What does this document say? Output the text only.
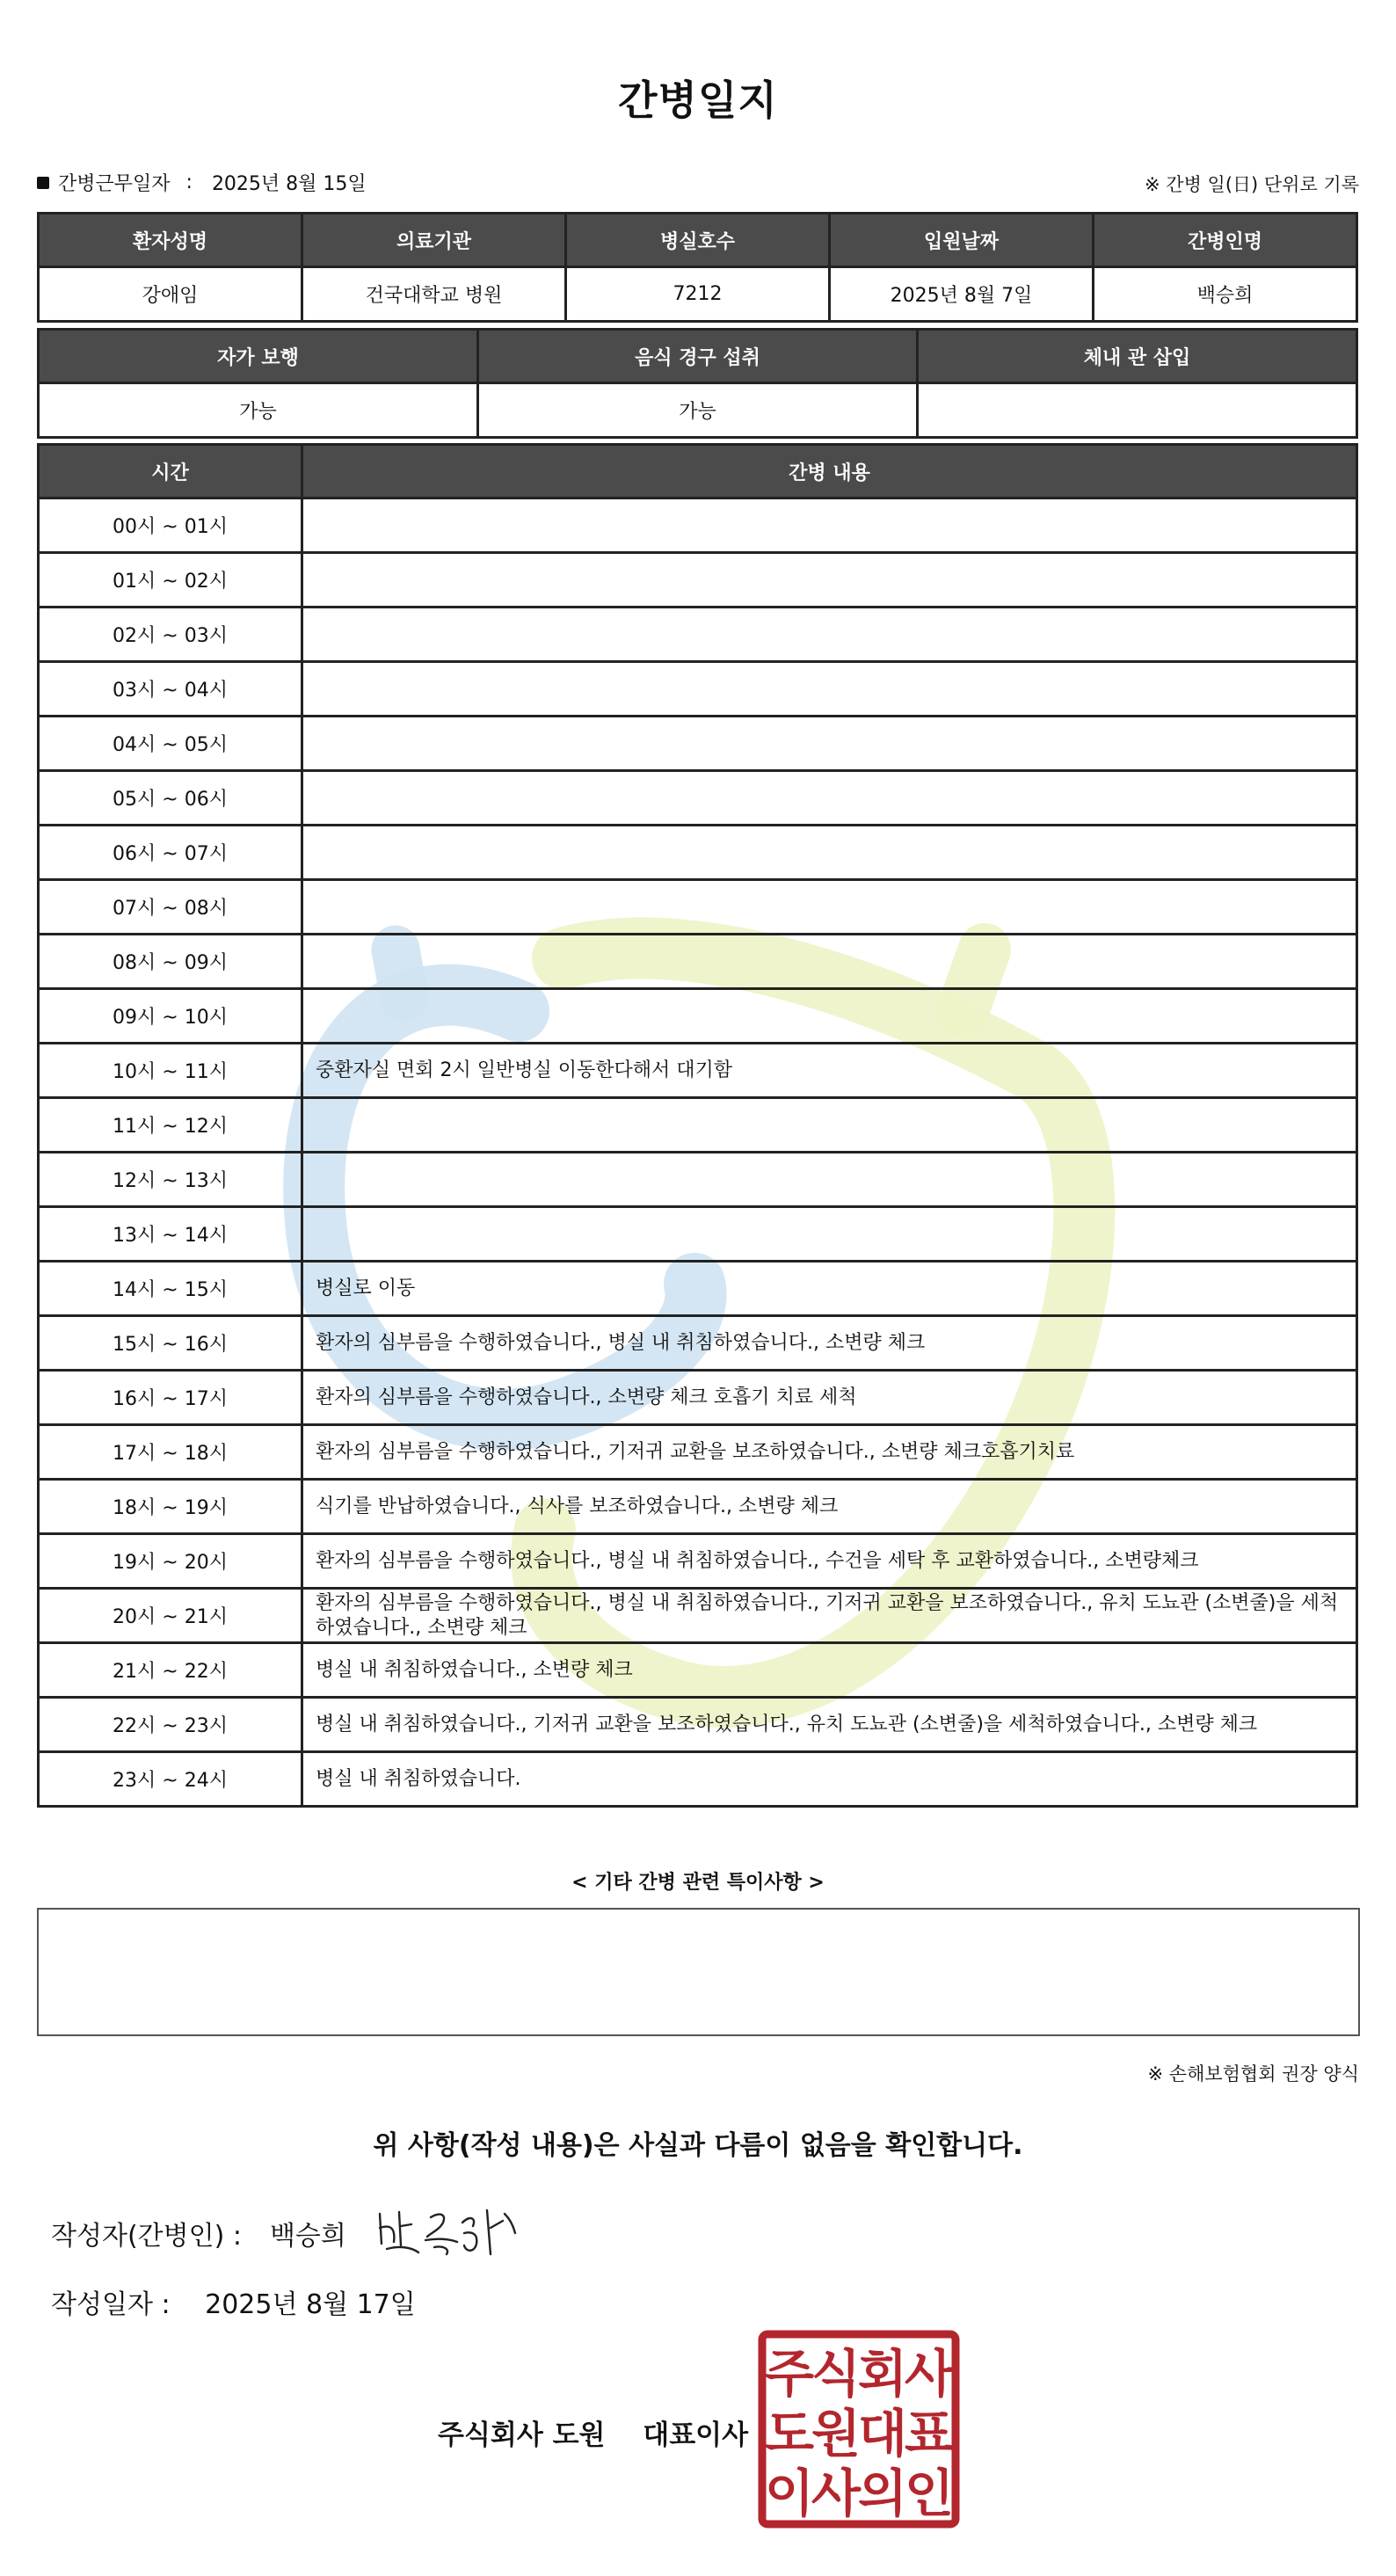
간병일지
간병근무일자 : 2025년 8월 15일	※ 간병 일(日) 단위로 기록
환자성명	의료기관	병실호수	입원날짜	간병인명
강애임	건국대학교 병원	7212	2025년 8월 7일	백승희
자가 보행	음식 경구 섭취	체내 관 삽입
가능	가능	
시간	간병 내용
00시 ~ 01시	
01시 ~ 02시	
02시 ~ 03시	
03시 ~ 04시	
04시 ~ 05시	
05시 ~ 06시	
06시 ~ 07시	
07시 ~ 08시	
08시 ~ 09시	
09시 ~ 10시	
10시 ~ 11시	중환자실 면회 2시 일반병실 이동한다해서 대기함
11시 ~ 12시	
12시 ~ 13시	
13시 ~ 14시	
14시 ~ 15시	병실로 이동
15시 ~ 16시	환자의 심부름을 수행하였습니다., 병실 내 취침하였습니다., 소변량 체크
16시 ~ 17시	환자의 심부름을 수행하였습니다., 소변량 체크 호흡기 치료 세척
17시 ~ 18시	환자의 심부름을 수행하였습니다., 기저귀 교환을 보조하였습니다., 소변량 체크호흡기치료
18시 ~ 19시	식기를 반납하였습니다., 식사를 보조하였습니다., 소변량 체크
19시 ~ 20시	환자의 심부름을 수행하였습니다., 병실 내 취침하였습니다., 수건을 세탁 후 교환하였습니다., 소변량체크
20시 ~ 21시	환자의 심부름을 수행하였습니다., 병실 내 취침하였습니다., 기저귀 교환을 보조하였습니다., 유치 도뇨관 (소변줄)을 세척하였습니다., 소변량 체크
21시 ~ 22시	병실 내 취침하였습니다., 소변량 체크
22시 ~ 23시	병실 내 취침하였습니다., 기저귀 교환을 보조하였습니다., 유치 도뇨관 (소변줄)을 세척하였습니다., 소변량 체크
23시 ~ 24시	병실 내 취침하였습니다.
< 기타 간병 관련 특이사항 >
※ 손해보험협회 권장 양식
위 사항(작성 내용)은 사실과 다름이 없음을 확인합니다.
작성자(간병인) : 백승희
작성일자 : 2025년 8월 17일
주식회사 도원 대표이사
주
식
회
사
도
원
대
표
이
사
의
인
